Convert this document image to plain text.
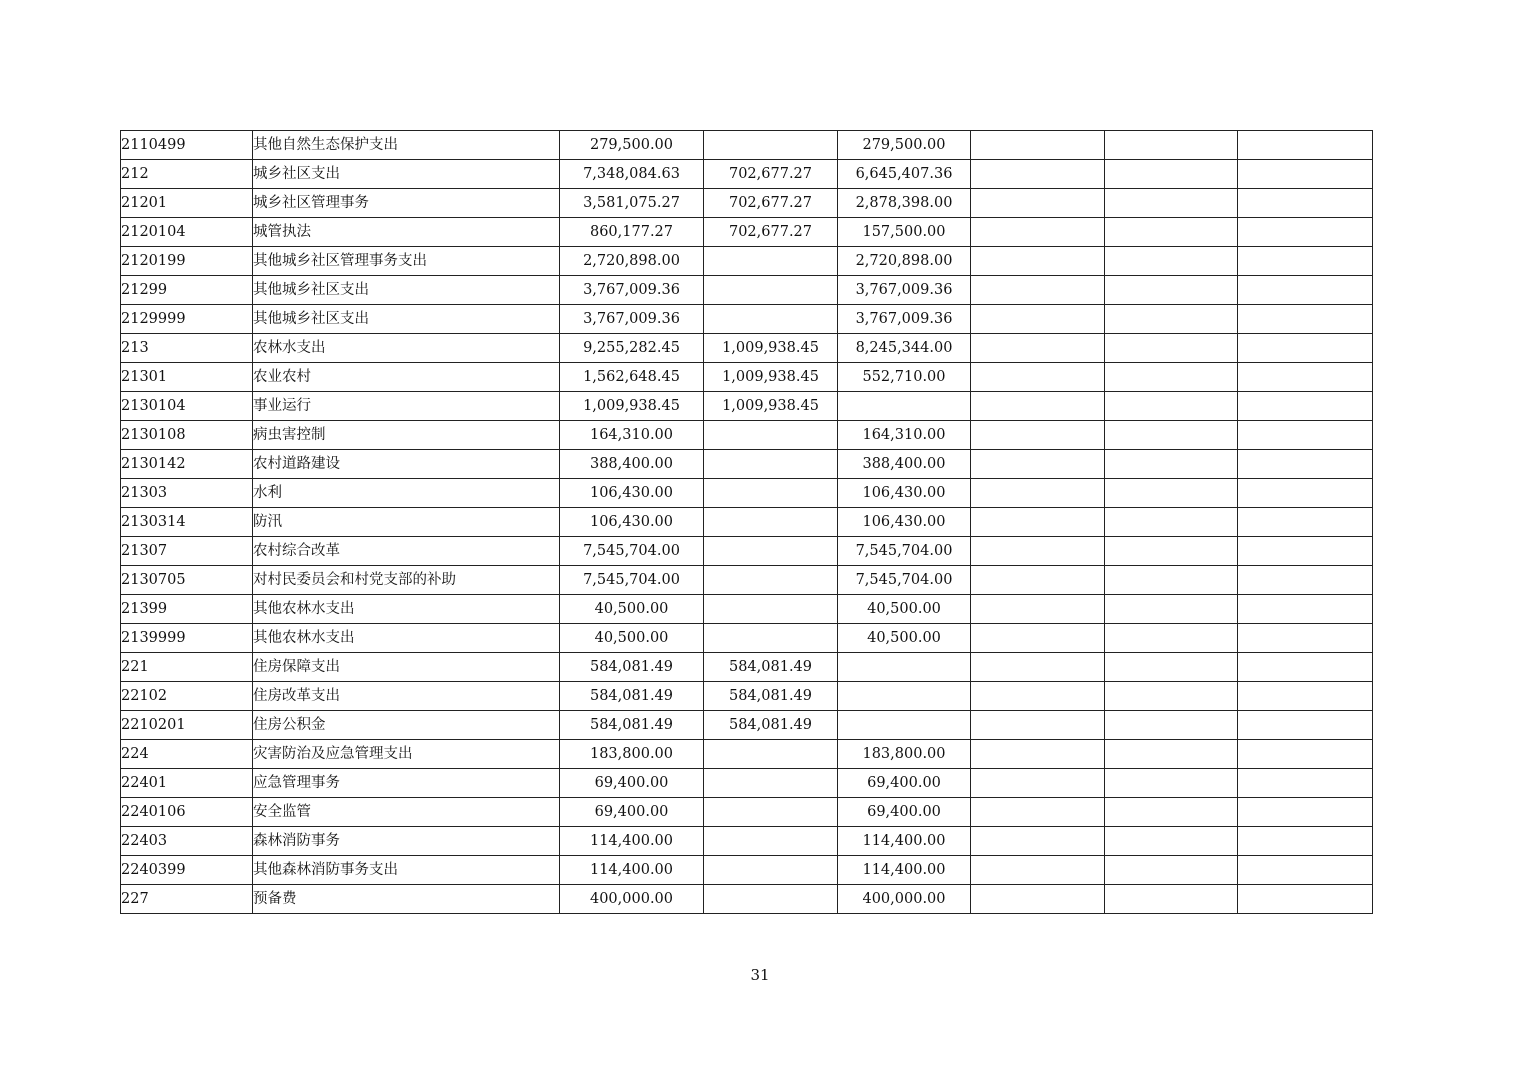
2110499	其他自然生态保护支出	279,500.00		279,500.00			
212	城乡社区支出	7,348,084.63	702,677.27	6,645,407.36			
21201	城乡社区管理事务	3,581,075.27	702,677.27	2,878,398.00			
2120104	城管执法	860,177.27	702,677.27	157,500.00			
2120199	其他城乡社区管理事务支出	2,720,898.00		2,720,898.00			
21299	其他城乡社区支出	3,767,009.36		3,767,009.36			
2129999	其他城乡社区支出	3,767,009.36		3,767,009.36			
213	农林水支出	9,255,282.45	1,009,938.45	8,245,344.00			
21301	农业农村	1,562,648.45	1,009,938.45	552,710.00			
2130104	事业运行	1,009,938.45	1,009,938.45				
2130108	病虫害控制	164,310.00		164,310.00			
2130142	农村道路建设	388,400.00		388,400.00			
21303	水利	106,430.00		106,430.00			
2130314	防汛	106,430.00		106,430.00			
21307	农村综合改革	7,545,704.00		7,545,704.00			
2130705	对村民委员会和村党支部的补助	7,545,704.00		7,545,704.00			
21399	其他农林水支出	40,500.00		40,500.00			
2139999	其他农林水支出	40,500.00		40,500.00			
221	住房保障支出	584,081.49	584,081.49				
22102	住房改革支出	584,081.49	584,081.49				
2210201	住房公积金	584,081.49	584,081.49				
224	灾害防治及应急管理支出	183,800.00		183,800.00			
22401	应急管理事务	69,400.00		69,400.00			
2240106	安全监管	69,400.00		69,400.00			
22403	森林消防事务	114,400.00		114,400.00			
2240399	其他森林消防事务支出	114,400.00		114,400.00			
227	预备费	400,000.00		400,000.00			
31
